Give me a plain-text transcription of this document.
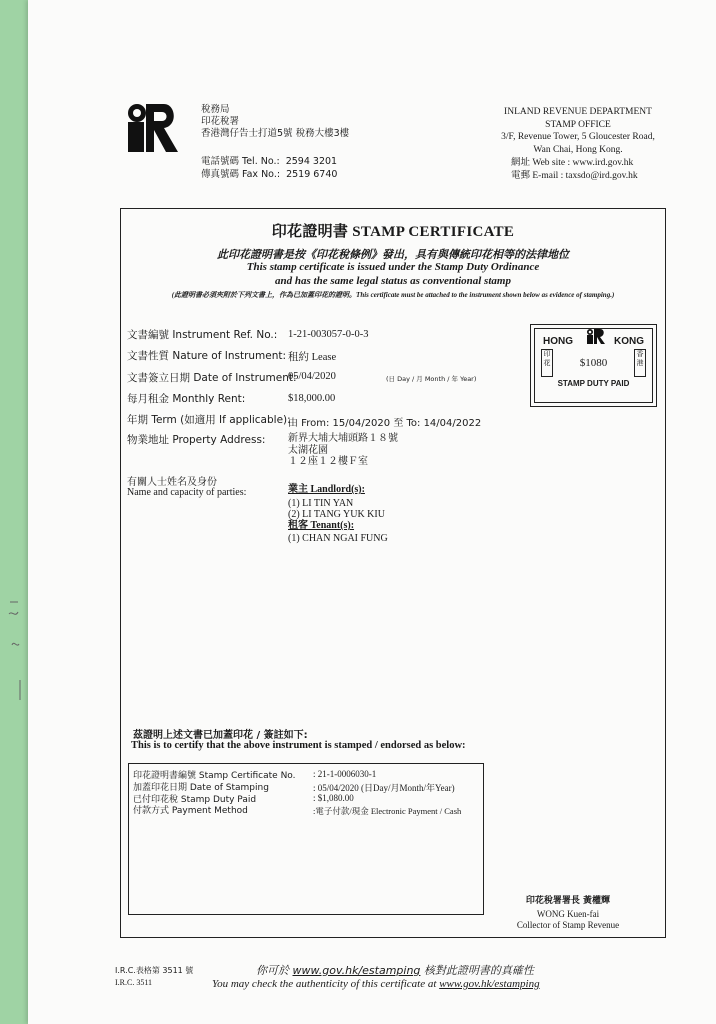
稅務局
印花稅署
香港灣仔告士打道5號 稅務大樓3樓
電話號碼 Tel. No.: 2594 3201
傳真號碼 Fax No.: 2519 6740
INLAND REVENUE DEPARTMENT
STAMP OFFICE
3/F, Revenue Tower, 5 Gloucester Road,
Wan Chai, Hong Kong.
網址 Web site : www.ird.gov.hk
電郵 E-mail : taxsdo@ird.gov.hk
印花證明書 STAMP CERTIFICATE
此印花證明書是按《印花稅條例》發出，具有與傳統印花相等的法律地位
This stamp certificate is issued under the Stamp Duty Ordinance
and has the same legal status as conventional stamp
(此證明書必須夾附於下列文書上，作為已加蓋印花的證明。This certificate must be attached to the instrument shown below as evidence of stamping.)
文書編號 Instrument Ref. No.: 1-21-003057-0-0-3
文書性質 Nature of Instrument: 租約 Lease
文書簽立日期 Date of Instrument:
05/04/2020	(日 Day / 月 Month / 年 Year)
每月租金 Monthly Rent:	$18,000.00
年期 Term (如適用 If applicable):
由 From: 15/04/2020 至 To: 14/04/2022
物業地址 Property Address: 新界大埔大埔頭路１８號
太湖花園
１２座１２樓Ｆ室
有關人士姓名及身份
Name and capacity of parties:	業主 Landlord(s):
(1) LI TIN YAN
(2) LI TANG YUK KIU
租客 Tenant(s):
(1) CHAN NGAI FUNG
HONG	KONG
印花
香港
$1080
STAMP DUTY PAID
茲證明上述文書已加蓋印花 / 簽註如下:
This is to certify that the above instrument is stamped / endorsed as below:
印花證明書編號 Stamp Certificate No. : 21-1-0006030-1
加蓋印花日期 Date of Stamping	: 05/04/2020 (日Day/月Month/年Year)
已付印花稅 Stamp Duty Paid	: $1,080.00
付款方式 Payment Method	:電子付款/現金 Electronic Payment / Cash
印花稅署署長 黃權輝
WONG Kuen-fai
Collector of Stamp Revenue
I.R.C.表格第 3511 號
I.R.C. 3511
你可於 www.gov.hk/estamping 核對此證明書的真確性
You may check the authenticity of this certificate at www.gov.hk/estamping
